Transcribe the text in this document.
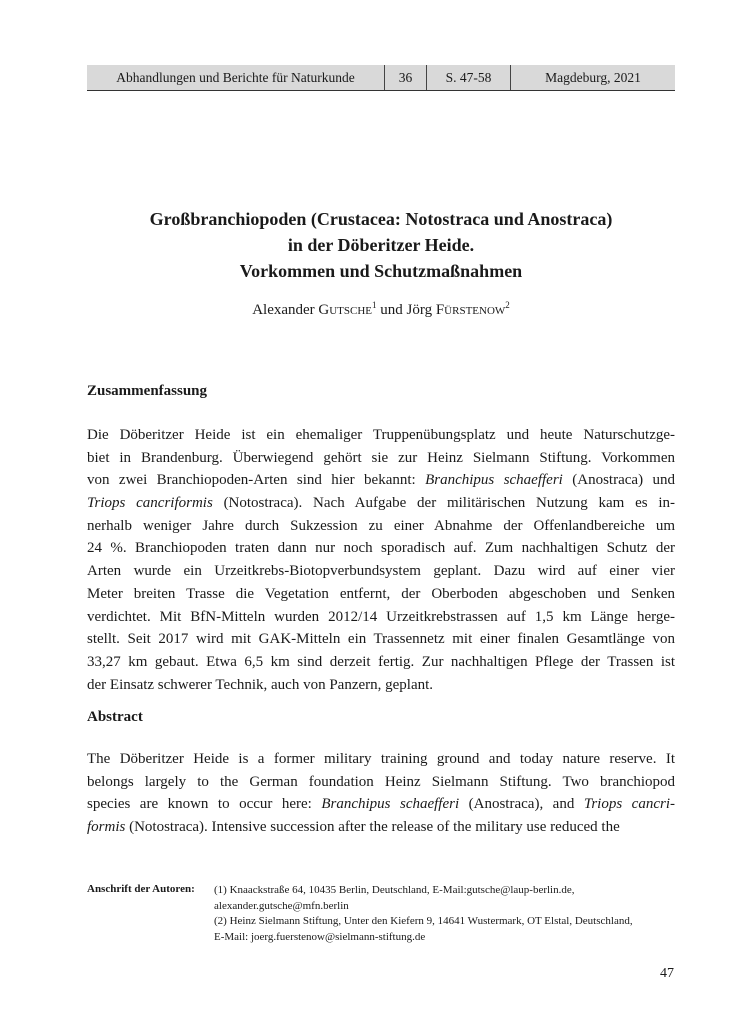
Abhandlungen und Berichte für Naturkunde	36	S. 47-58	Magdeburg, 2021
Großbranchiopoden (Crustacea: Notostraca und Anostraca)
in der Döberitzer Heide.
Vorkommen und Schutzmaßnahmen
Alexander Gutsche$^1$ und Jörg Fürstenow$^2$
Zusammenfassung
Die Döberitzer Heide ist ein ehemaliger Truppenübungsplatz und heute Naturschutzge-
biet in Brandenburg. Überwiegend gehört sie zur Heinz Sielmann Stiftung. Vorkommen
von zwei Branchiopoden-Arten sind hier bekannt: Branchipus schaefferi (Anostraca) und
Triops cancriformis (Notostraca). Nach Aufgabe der militärischen Nutzung kam es in-
nerhalb weniger Jahre durch Sukzession zu einer Abnahme der Offenlandbereiche um
24 %. Branchiopoden traten dann nur noch sporadisch auf. Zum nachhaltigen Schutz der
Arten wurde ein Urzeitkrebs-Biotopverbundsystem geplant. Dazu wird auf einer vier
Meter breiten Trasse die Vegetation entfernt, der Oberboden abgeschoben und Senken
verdichtet. Mit BfN-Mitteln wurden 2012/14 Urzeitkrebstrassen auf 1,5 km Länge herge-
stellt. Seit 2017 wird mit GAK-Mitteln ein Trassennetz mit einer finalen Gesamtlänge von
33,27 km gebaut. Etwa 6,5 km sind derzeit fertig. Zur nachhaltigen Pflege der Trassen ist
der Einsatz schwerer Technik, auch von Panzern, geplant.
Abstract
The Döberitzer Heide is a former military training ground and today nature reserve. It
belongs largely to the German foundation Heinz Sielmann Stiftung. Two branchiopod
species are known to occur here: Branchipus schaefferi (Anostraca), and Triops cancri-
formis (Notostraca). Intensive succession after the release of the military use reduced the
Anschrift der Autoren: (1) Knaackstraße 64, 10435 Berlin, Deutschland, E-Mail:gutsche@laup-berlin.de,
alexander.gutsche@mfn.berlin
(2) Heinz Sielmann Stiftung, Unter den Kiefern 9, 14641 Wustermark, OT Elstal, Deutschland,
E-Mail: joerg.fuerstenow@sielmann-stiftung.de
47
